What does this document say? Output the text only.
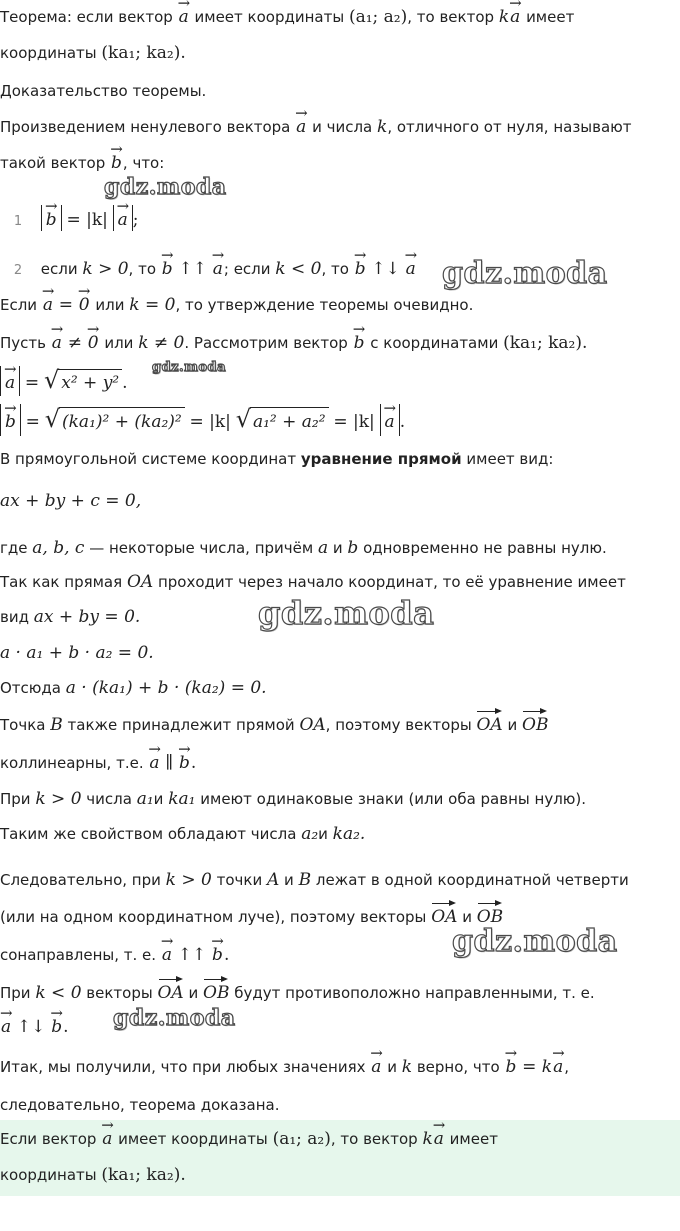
Теорема: если вектор → a имеет координаты (a₁; a₂), то вектор k→ a имеет
координаты (ka₁; ka₂).
Доказательство теоремы.
Произведением ненулевого вектора → a и числа k, отличного от нуля, называют
такой вектор → b, что:
gdz.moda
1 → b = |k| → a ;
2 если k > 0, то → b ↑↑ → a; если k < 0, то → b ↑↓ → a gdz.moda
Если → a = → 0 или k = 0, то утверждение теоремы очевидно.
Пусть → a ≠ → 0 или k ≠ 0. Рассмотрим вектор → b с координатами (ka₁; ka₂).
→ a = √ x² + y² .
gdz.moda
→ b = √ (ka₁)² + (ka₂)² = |k| √ a₁² + a₂² = |k| → a .
В прямоугольной системе координат уравнение прямой имеет вид:
ax + by + c = 0,
где a, b, c — некоторые числа, причём a и b одновременно не равны нулю.
Так как прямая OA проходит через начало координат, то её уравнение имеет
вид ax + by = 0.	gdz.moda
a · a₁ + b · a₂ = 0.
Отсюда a · (ka₁) + b · (ka₂) = 0.
Точка B также принадлежит прямой OA, поэтому векторы OA и OB
коллинеарны, т.е. → a ∥ → b.
При k > 0 числа a₁и ka₁ имеют одинаковые знаки (или оба равны нулю).
Таким же свойством обладают числа a₂и ka₂.
Следовательно, при k > 0 точки A и B лежат в одной координатной четверти
(или на одном координатном луче), поэтому векторы OA и OB
сонаправлены, т. е. → a ↑↑ → b.	gdz.moda
При k < 0 векторы OA и OB будут противоположно направленными, т. е.
→ a ↑↓ → b. gdz.moda
Итак, мы получили, что при любых значениях → a и k верно, что → b = k→ a,
следовательно, теорема доказана.
Если вектор → a имеет координаты (a₁; a₂), то вектор k→ a имеет
координаты (ka₁; ka₂).
